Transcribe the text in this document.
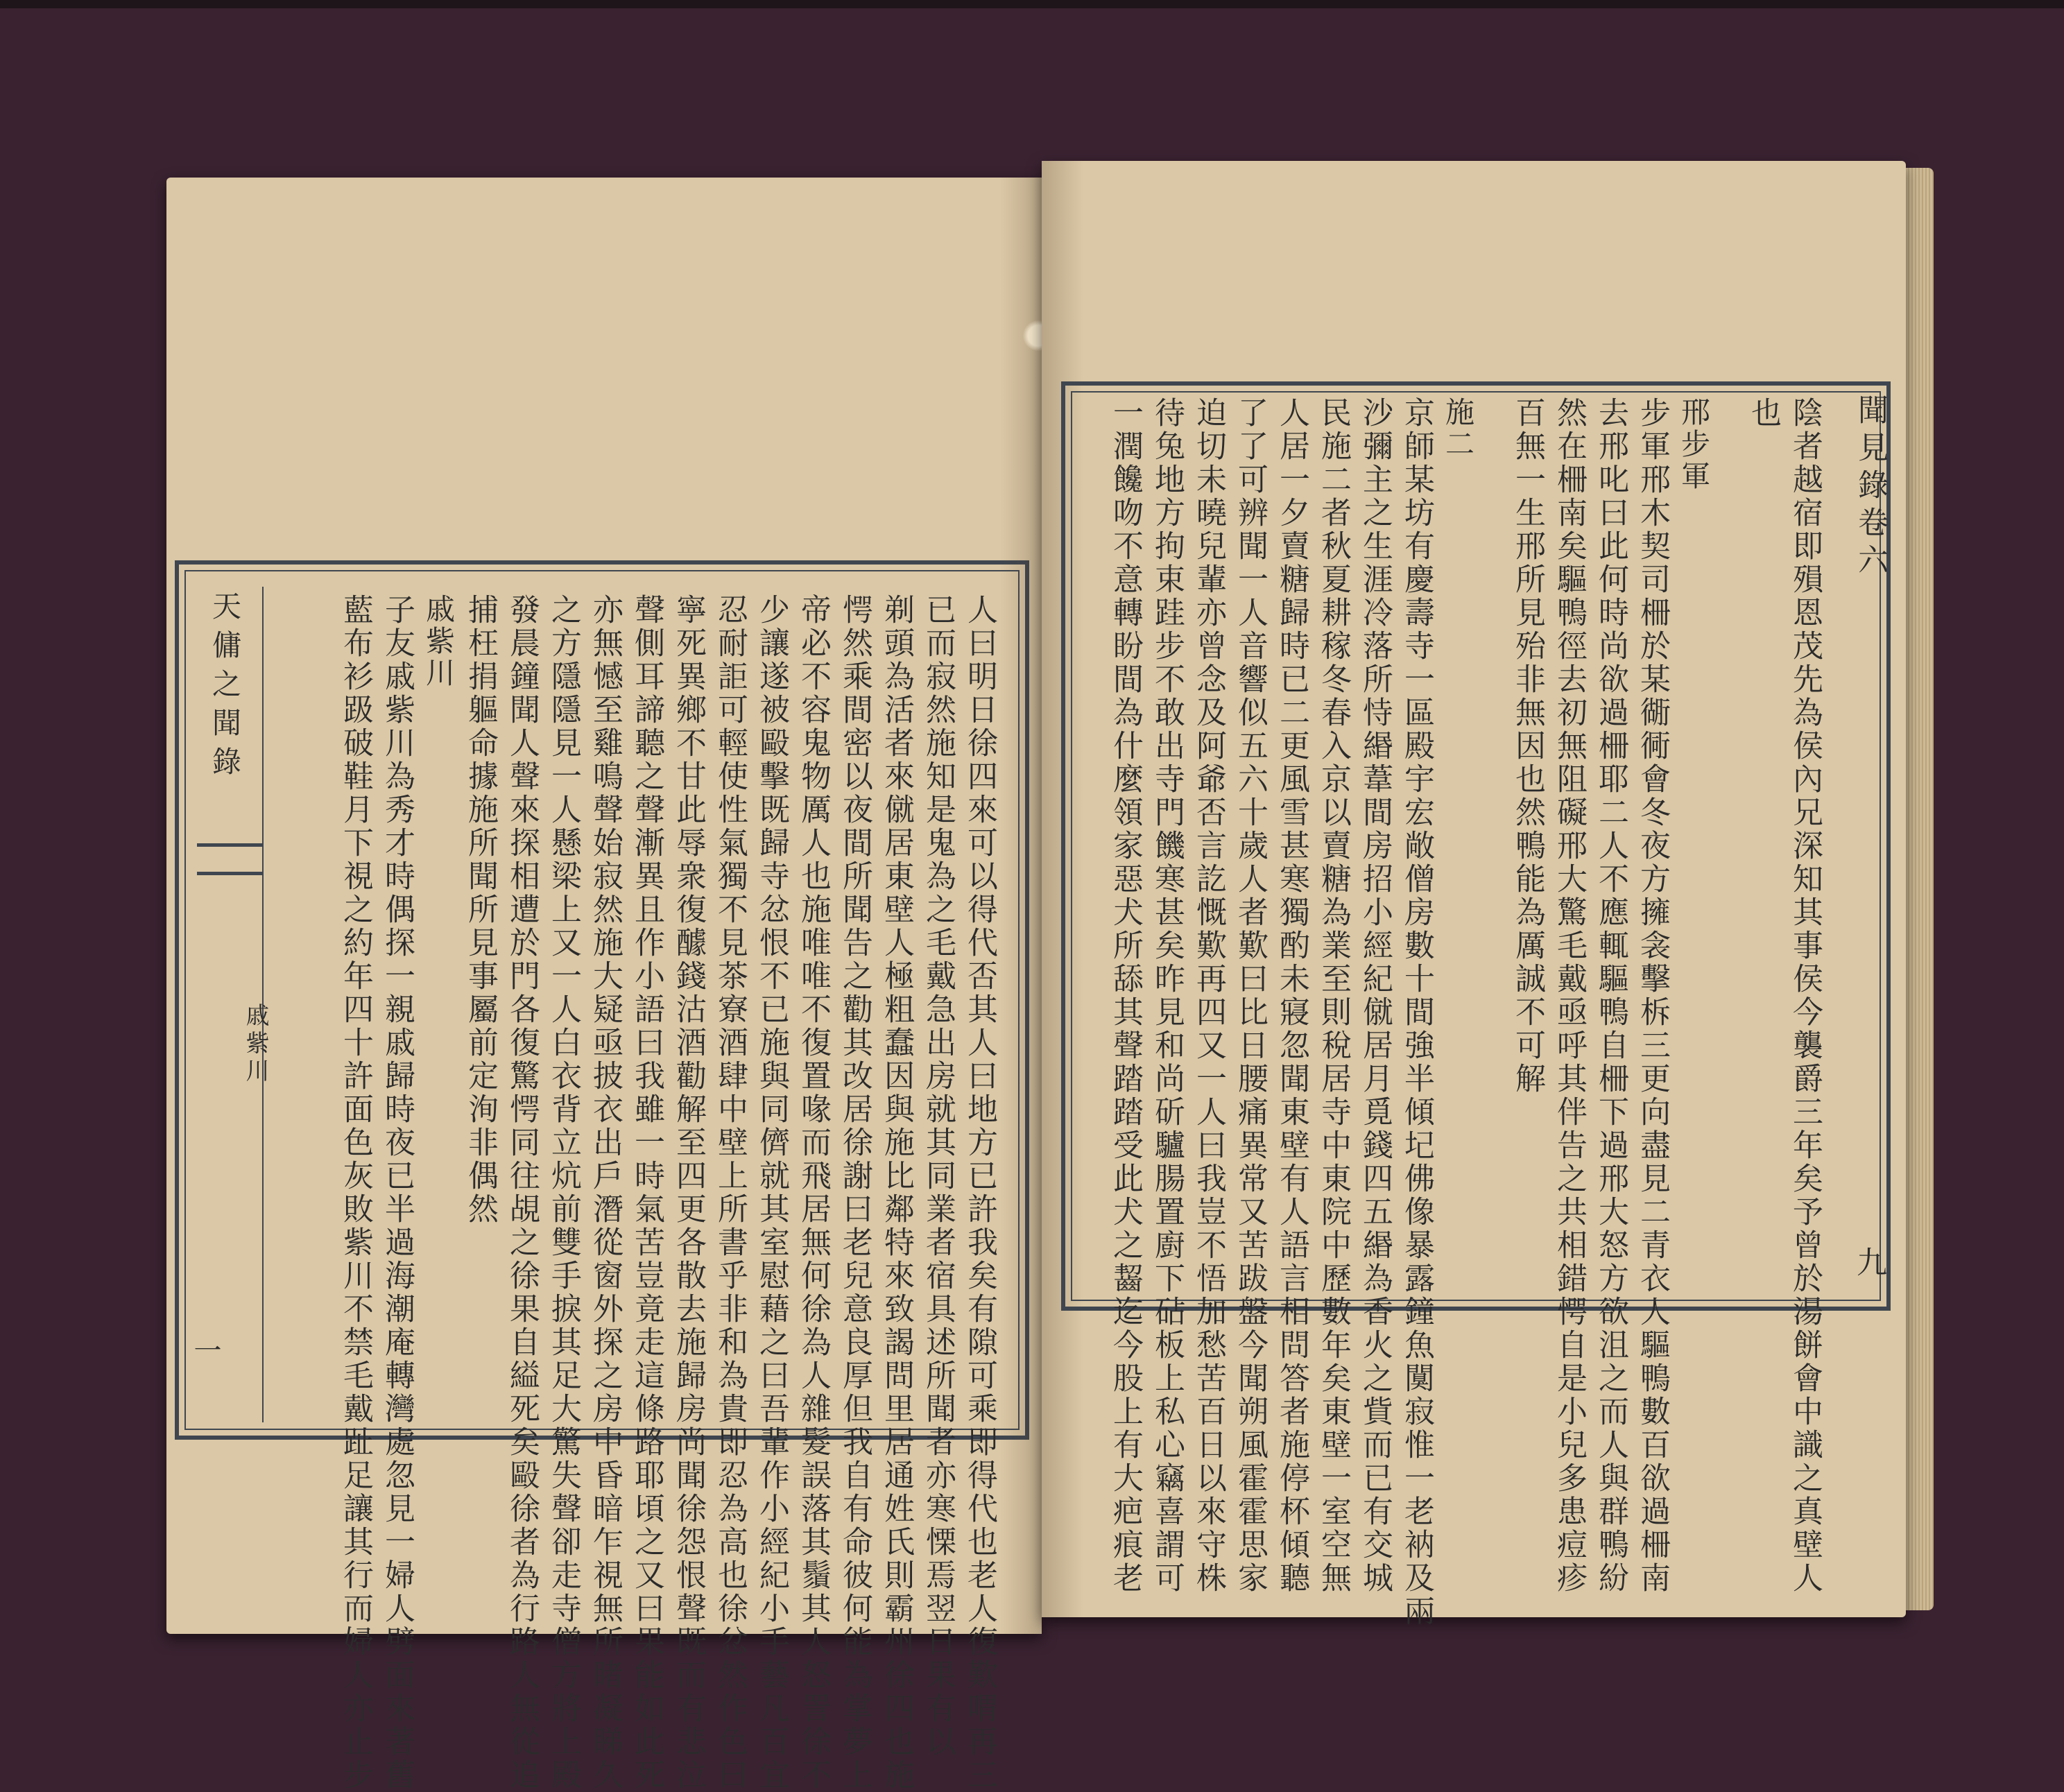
天傭之聞錄
戚紫川
一	人曰明日徐四來可以得代否其人曰地方已許我矣有隙可乘即得代也老人復歎喟再三
已而寂然施知是鬼為之毛戴急出房就其同業者宿具述所聞者亦寒慄焉翌日果有以
剃頭為活者來僦居東壁人極粗蠢因與施比鄰特來致謁問里居通姓氏則霸州徐四也施
愕然乘間密以夜間所聞告之勸其改居徐謝曰老兒意良厚但我自有命彼何能為掌夢上
帝必不容鬼物厲人也施唯唯不復置喙而飛居無何徐為人雜髮誤落其鬚其人怒詈徐不
少讓遂被毆擊既歸寺忿恨不已施與同儕就其室慰藉之曰吾輩作小經紀小手藝凡百宜
忍耐詎可輕使性氣獨不見茶寮酒肆中壁上所書乎非和為貴即忍為高也徐忿然作色曰
寧死異鄉不甘此辱衆復醵錢沽酒勸解至四更各散去施歸房尚聞徐怨恨聲既而有悲泣
聲側耳諦聽之聲漸異且作小語曰我雖一時氣苦豈竟走這條路耶頃之又曰果能如此死
亦無憾至雞鳴聲始寂然施大疑亟披衣出戶潛從窗外探之房中昏暗乍視無所睹凝睇久
之方隱隱見一人懸梁上又一人白衣背立炕前雙手捩其足大驚失聲卻走寺僧方將上殿
發晨鐘聞人聲來探相遭於門各復驚愕同往覘之徐果自縊死矣毆徐者為行路人無從追
捕枉捐軀命據施所聞所見事屬前定洵非偶然
戚紫川
子友戚紫川為秀才時偶探一親戚歸時夜已半過海潮庵轉灣處忽見一婦人劈面來著舊
藍布衫趿破鞋月下視之約年四十許面色灰敗紫川不禁毛戴趾足讓其行而婦人亦止步
聞見錄卷六
九
陰者越宿即殞恩茂先為侯內兄深知其事侯今襲爵三年矣予曾於湯餅會中識之真壁人
也
邢步軍
步軍邢木契司柵於某衚衕會冬夜方擁衾擊柝三更向盡見二青衣人驅鴨數百欲過柵南
去邢叱曰此何時尚欲過柵耶二人不應輒驅鴨自柵下過邢大怒方欲沮之而人與群鴨紛
然在柵南矣驅鴨徑去初無阻礙邢大驚毛戴亟呼其伴告之共相錯愕自是小兒多患痘疹
百無一生邢所見殆非無因也然鴨能為厲誠不可解
施二
京師某坊有慶壽寺一區殿宇宏敞僧房數十間強半傾圮佛像暴露鐘魚闃寂惟一老衲及兩
沙彌主之生涯冷落所恃緡葦間房招小經紀僦居月覓錢四五緡為香火之貲而已有交城
民施二者秋夏耕稼冬春入京以賣糖為業至則稅居寺中東院中歷數年矣東壁一室空無
人居一夕賣糖歸時已二更風雪甚寒獨酌未寢忽聞東壁有人語言相問答者施停杯傾聽
了了可辨聞一人音響似五六十歲人者歎曰比日腰痛異常又苦跋盤今聞朔風霍霍思家
迫切未曉兒輩亦曾念及阿爺否言訖慨歎再四又一人曰我豈不悟加愁苦百日以來守株
待兔地方拘束跬步不敢出寺門饑寒甚矣昨見和尚斫驢腸置廚下砧板上私心竊喜謂可
一潤饞吻不意轉盼間為什麼領家惡犬所舔其聲踏踏受此犬之齧迄今股上有大疤痕老
